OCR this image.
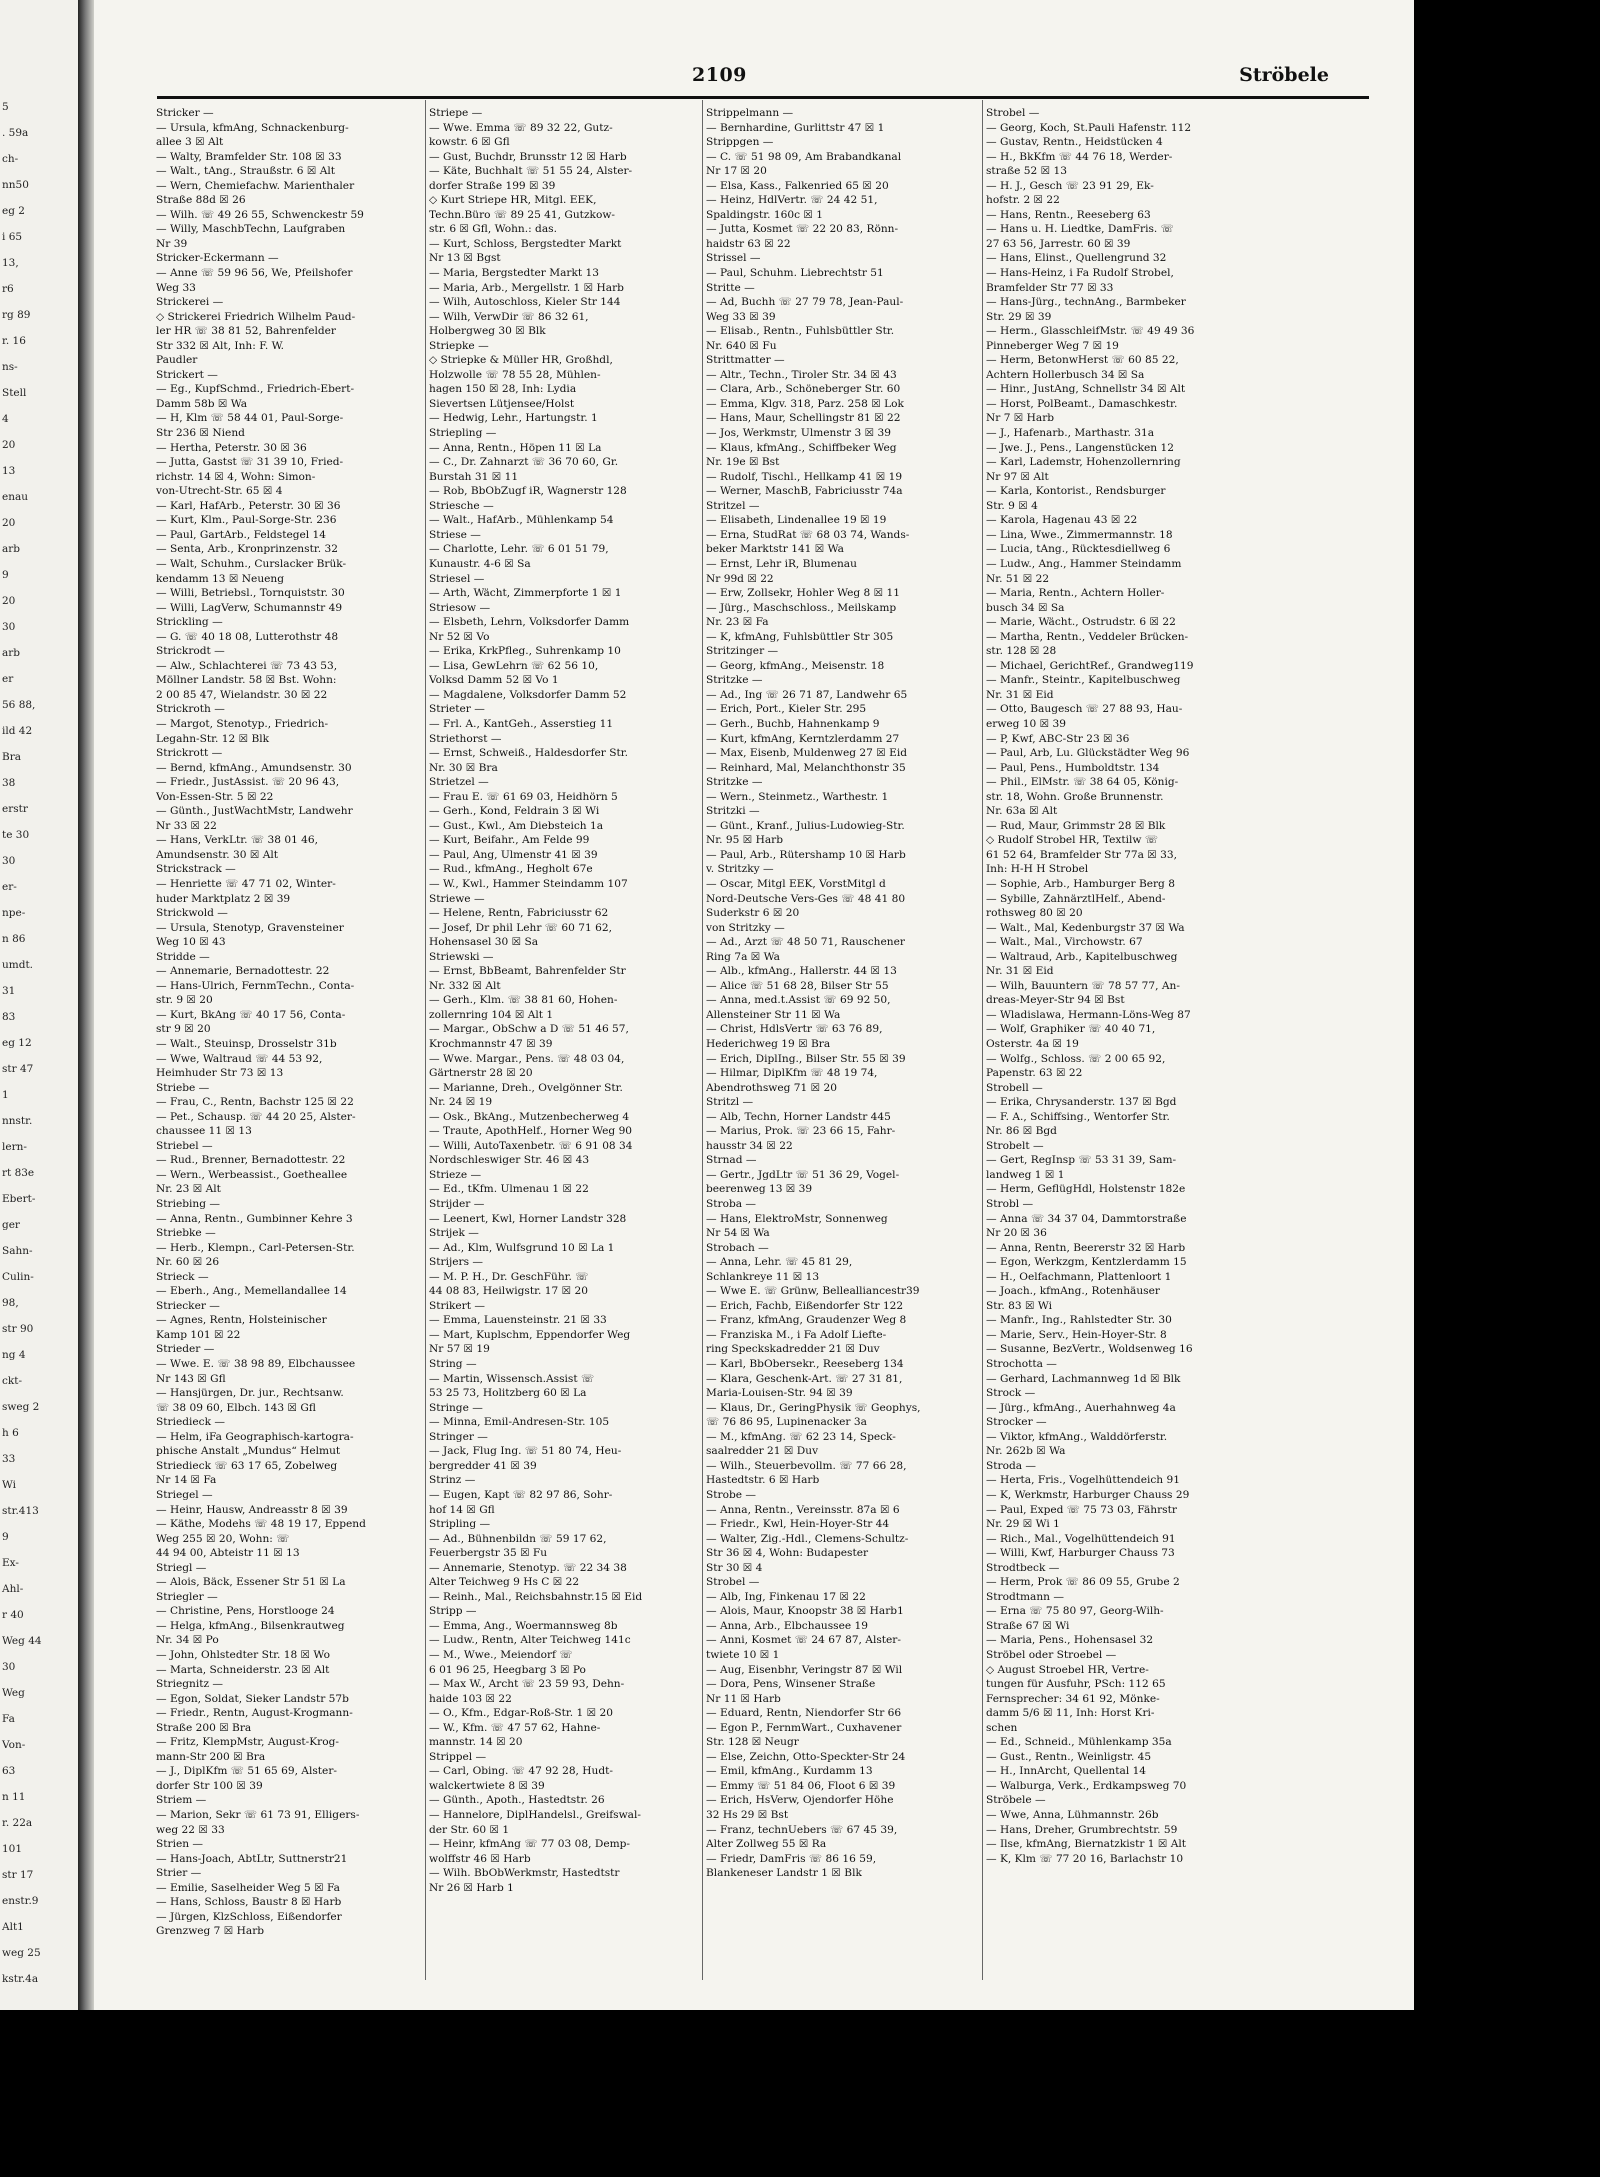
5
. 59a
ch-
nn50
eg 2
i 65
13,
r6
rg 89
r. 16
ns-
Stell
4
20
13
enau
20
arb
9
20
30
arb
er
56 88,
ild 42
Bra
38
erstr
te 30
30
er-
npe-
n 86
umdt.
31
83
eg 12
str 47
1
nnstr.
lern-
rt 83e
Ebert-
ger
Sahn-
Culin-
98,
str 90
ng 4
ckt-
sweg 2
h 6
33
Wi
str.413
9
Ex-
Ahl-
r 40
Weg 44
30
Weg
Fa
Von-
63
n 11
r. 22a
101
str 17
enstr.9
Alt1
weg 25
kstr.4a
2109	Ströbele

Stricker —

— Ursula, kfmAng, Schnackenburg-

allee 3 ☒ Alt

— Walty, Bramfelder Str. 108 ☒ 33

— Walt., tAng., Straußstr. 6 ☒ Alt

— Wern, Chemiefachw. Marienthaler

Straße 88d ☒ 26

— Wilh. ☏ 49 26 55, Schwenckestr 59

— Willy, MaschbTechn, Laufgraben

Nr 39

Stricker-Eckermann —

— Anne ☏ 59 96 56, We, Pfeilshofer

Weg 33

Strickerei —

◇ Strickerei Friedrich Wilhelm Paud-

ler HR ☏ 38 81 52, Bahrenfelder

Str 332 ☒ Alt, Inh: F. W.

Paudler

Strickert —

— Eg., KupfSchmd., Friedrich-Ebert-

Damm 58b ☒ Wa

— H, Klm ☏ 58 44 01, Paul-Sorge-

Str 236 ☒ Niend

— Hertha, Peterstr. 30 ☒ 36

— Jutta, Gastst ☏ 31 39 10, Fried-

richstr. 14 ☒ 4, Wohn: Simon-

von-Utrecht-Str. 65 ☒ 4

— Karl, HafArb., Peterstr. 30 ☒ 36

— Kurt, Klm., Paul-Sorge-Str. 236

— Paul, GartArb., Feldstegel 14

— Senta, Arb., Kronprinzenstr. 32

— Walt, Schuhm., Curslacker Brük-

kendamm 13 ☒ Neueng

— Willi, Betriebsl., Tornquiststr. 30

— Willi, LagVerw, Schumannstr 49

Strickling —

— G. ☏ 40 18 08, Lutterothstr 48

Strickrodt —

— Alw., Schlachterei ☏ 73 43 53,

Möllner Landstr. 58 ☒ Bst. Wohn:

2 00 85 47, Wielandstr. 30 ☒ 22

Strickroth —

— Margot, Stenotyp., Friedrich-

Legahn-Str. 12 ☒ Blk

Strickrott —

— Bernd, kfmAng., Amundsenstr. 30

— Friedr., JustAssist. ☏ 20 96 43,

Von-Essen-Str. 5 ☒ 22

— Günth., JustWachtMstr, Landwehr

Nr 33 ☒ 22

— Hans, VerkLtr. ☏ 38 01 46,

Amundsenstr. 30 ☒ Alt

Strickstrack —

— Henriette ☏ 47 71 02, Winter-

huder Marktplatz 2 ☒ 39

Strickwold —

— Ursula, Stenotyp, Gravensteiner

Weg 10 ☒ 43

Stridde —

— Annemarie, Bernadottestr. 22

— Hans-Ulrich, FernmTechn., Conta-

str. 9 ☒ 20

— Kurt, BkAng ☏ 40 17 56, Conta-

str 9 ☒ 20

— Walt., Steuinsp, Drosselstr 31b

— Wwe, Waltraud ☏ 44 53 92,

Heimhuder Str 73 ☒ 13

Striebe —

— Frau, C., Rentn, Bachstr 125 ☒ 22

— Pet., Schausp. ☏ 44 20 25, Alster-

chaussee 11 ☒ 13

Striebel —

— Rud., Brenner, Bernadottestr. 22

— Wern., Werbeassist., Goetheallee

Nr. 23 ☒ Alt

Striebing —

— Anna, Rentn., Gumbinner Kehre 3

Striebke —

— Herb., Klempn., Carl-Petersen-Str.

Nr. 60 ☒ 26

Strieck —

— Eberh., Ang., Memellandallee 14

Striecker —

— Agnes, Rentn, Holsteinischer

Kamp 101 ☒ 22

Strieder —

— Wwe. E. ☏ 38 98 89, Elbchaussee

Nr 143 ☒ Gfl

— Hansjürgen, Dr. jur., Rechtsanw.

☏ 38 09 60, Elbch. 143 ☒ Gfl

Striedieck —

— Helm, iFa Geographisch-kartogra-

phische Anstalt „Mundus“ Helmut

Striedieck ☏ 63 17 65, Zobelweg

Nr 14 ☒ Fa

Striegel —

— Heinr, Hausw, Andreasstr 8 ☒ 39

— Käthe, Modehs ☏ 48 19 17, Eppend

Weg 255 ☒ 20, Wohn: ☏

44 94 00, Abteistr 11 ☒ 13

Striegl —

— Alois, Bäck, Essener Str 51 ☒ La

Striegler —

— Christine, Pens, Horstlooge 24

— Helga, kfmAng., Bilsenkrautweg

Nr. 34 ☒ Po

— John, Ohlstedter Str. 18 ☒ Wo

— Marta, Schneiderstr. 23 ☒ Alt

Striegnitz —

— Egon, Soldat, Sieker Landstr 57b

— Friedr., Rentn, August-Krogmann-

Straße 200 ☒ Bra

— Fritz, KlempMstr, August-Krog-

mann-Str 200 ☒ Bra

— J., DiplKfm ☏ 51 65 69, Alster-

dorfer Str 100 ☒ 39

Striem —

— Marion, Sekr ☏ 61 73 91, Elligers-

weg 22 ☒ 33

Strien —

— Hans-Joach, AbtLtr, Suttnerstr21

Strier —

— Emilie, Saselheider Weg 5 ☒ Fa

— Hans, Schloss, Baustr 8 ☒ Harb

— Jürgen, KlzSchloss, Eißendorfer

Grenzweg 7 ☒ Harb

Striepe —

— Wwe. Emma ☏ 89 32 22, Gutz-

kowstr. 6 ☒ Gfl

— Gust, Buchdr, Brunsstr 12 ☒ Harb

— Käte, Buchhalt ☏ 51 55 24, Alster-

dorfer Straße 199 ☒ 39

◇ Kurt Striepe HR, Mitgl. EEK,

Techn.Büro ☏ 89 25 41, Gutzkow-

str. 6 ☒ Gfl, Wohn.: das.

— Kurt, Schloss, Bergstedter Markt

Nr 13 ☒ Bgst

— Maria, Bergstedter Markt 13

— Maria, Arb., Mergellstr. 1 ☒ Harb

— Wilh, Autoschloss, Kieler Str 144

— Wilh, VerwDir ☏ 86 32 61,

Holbergweg 30 ☒ Blk

Striepke —

◇ Striepke & Müller HR, Großhdl,

Holzwolle ☏ 78 55 28, Mühlen-

hagen 150 ☒ 28, Inh: Lydia

Sievertsen Lütjensee/Holst

— Hedwig, Lehr., Hartungstr. 1

Striepling —

— Anna, Rentn., Höpen 11 ☒ La

— C., Dr. Zahnarzt ☏ 36 70 60, Gr.

Burstah 31 ☒ 11

— Rob, BbObZugf iR, Wagnerstr 128

Striesche —

— Walt., HafArb., Mühlenkamp 54

Striese —

— Charlotte, Lehr. ☏ 6 01 51 79,

Kunaustr. 4-6 ☒ Sa

Striesel —

— Arth, Wächt, Zimmerpforte 1 ☒ 1

Striesow —

— Elsbeth, Lehrn, Volksdorfer Damm

Nr 52 ☒ Vo

— Erika, KrkPfleg., Suhrenkamp 10

— Lisa, GewLehrn ☏ 62 56 10,

Volksd Damm 52 ☒ Vo 1

— Magdalene, Volksdorfer Damm 52

Strieter —

— Frl. A., KantGeh., Asserstieg 11

Striethorst —

— Ernst, Schweiß., Haldesdorfer Str.

Nr. 30 ☒ Bra

Strietzel —

— Frau E. ☏ 61 69 03, Heidhörn 5

— Gerh., Kond, Feldrain 3 ☒ Wi

— Gust., Kwl., Am Diebsteich 1a

— Kurt, Beifahr., Am Felde 99

— Paul, Ang, Ulmenstr 41 ☒ 39

— Rud., kfmAng., Hegholt 67e

— W., Kwl., Hammer Steindamm 107

Striewe —

— Helene, Rentn, Fabriciusstr 62

— Josef, Dr phil Lehr ☏ 60 71 62,

Hohensasel 30 ☒ Sa

Striewski —

— Ernst, BbBeamt, Bahrenfelder Str

Nr. 332 ☒ Alt

— Gerh., Klm. ☏ 38 81 60, Hohen-

zollernring 104 ☒ Alt 1

— Margar., ObSchw a D ☏ 51 46 57,

Krochmannstr 47 ☒ 39

— Wwe. Margar., Pens. ☏ 48 03 04,

Gärtnerstr 28 ☒ 20

— Marianne, Dreh., Ovelgönner Str.

Nr. 24 ☒ 19

— Osk., BkAng., Mutzenbecherweg 4

— Traute, ApothHelf., Horner Weg 90

— Willi, AutoTaxenbetr. ☏ 6 91 08 34

Nordschleswiger Str. 46 ☒ 43

Strieze —

— Ed., tKfm. Ulmenau 1 ☒ 22

Strijder —

— Leenert, Kwl, Horner Landstr 328

Strijek —

— Ad., Klm, Wulfsgrund 10 ☒ La 1

Strijers —

— M. P. H., Dr. GeschFühr. ☏

44 08 83, Heilwigstr. 17 ☒ 20

Strikert —

— Emma, Lauensteinstr. 21 ☒ 33

— Mart, Kuplschm, Eppendorfer Weg

Nr 57 ☒ 19

String —

— Martin, Wissensch.Assist ☏

53 25 73, Holitzberg 60 ☒ La

Stringe —

— Minna, Emil-Andresen-Str. 105

Stringer —

— Jack, Flug Ing. ☏ 51 80 74, Heu-

bergredder 41 ☒ 39

Strinz —

— Eugen, Kapt ☏ 82 97 86, Sohr-

hof 14 ☒ Gfl

Stripling —

— Ad., Bühnenbildn ☏ 59 17 62,

Feuerbergstr 35 ☒ Fu

— Annemarie, Stenotyp. ☏ 22 34 38

Alter Teichweg 9 Hs C ☒ 22

— Reinh., Mal., Reichsbahnstr.15 ☒ Eid

Stripp —

— Emma, Ang., Woermannsweg 8b

— Ludw., Rentn, Alter Teichweg 141c

— M., Wwe., Meiendorf ☏

6 01 96 25, Heegbarg 3 ☒ Po

— Max W., Archt ☏ 23 59 93, Dehn-

haide 103 ☒ 22

— O., Kfm., Edgar-Roß-Str. 1 ☒ 20

— W., Kfm. ☏ 47 57 62, Hahne-

mannstr. 14 ☒ 20

Strippel —

— Carl, Obing. ☏ 47 92 28, Hudt-

walckertwiete 8 ☒ 39

— Günth., Apoth., Hastedtstr. 26

— Hannelore, DiplHandelsl., Greifswal-

der Str. 60 ☒ 1

— Heinr, kfmAng ☏ 77 03 08, Demp-

wolffstr 46 ☒ Harb

— Wilh. BbObWerkmstr, Hastedtstr

Nr 26 ☒ Harb 1

Strippelmann —

— Bernhardine, Gurlittstr 47 ☒ 1

Strippgen —

— C. ☏ 51 98 09, Am Brabandkanal

Nr 17 ☒ 20

— Elsa, Kass., Falkenried 65 ☒ 20

— Heinz, HdlVertr. ☏ 24 42 51,

Spaldingstr. 160c ☒ 1

— Jutta, Kosmet ☏ 22 20 83, Rönn-

haidstr 63 ☒ 22

Strissel —

— Paul, Schuhm. Liebrechtstr 51

Stritte —

— Ad, Buchh ☏ 27 79 78, Jean-Paul-

Weg 33 ☒ 39

— Elisab., Rentn., Fuhlsbüttler Str.

Nr. 640 ☒ Fu

Strittmatter —

— Altr., Techn., Tiroler Str. 34 ☒ 43

— Clara, Arb., Schöneberger Str. 60

— Emma, Klgv. 318, Parz. 258 ☒ Lok

— Hans, Maur, Schellingstr 81 ☒ 22

— Jos, Werkmstr, Ulmenstr 3 ☒ 39

— Klaus, kfmAng., Schiffbeker Weg

Nr. 19e ☒ Bst

— Rudolf, Tischl., Hellkamp 41 ☒ 19

— Werner, MaschB, Fabriciusstr 74a

Stritzel —

— Elisabeth, Lindenallee 19 ☒ 19

— Erna, StudRat ☏ 68 03 74, Wands-

beker Marktstr 141 ☒ Wa

— Ernst, Lehr iR, Blumenau

Nr 99d ☒ 22

— Erw, Zollsekr, Hohler Weg 8 ☒ 11

— Jürg., Maschschloss., Meilskamp

Nr. 23 ☒ Fa

— K, kfmAng, Fuhlsbüttler Str 305

Stritzinger —

— Georg, kfmAng., Meisenstr. 18

Stritzke —

— Ad., Ing ☏ 26 71 87, Landwehr 65

— Erich, Port., Kieler Str. 295

— Gerh., Buchb, Hahnenkamp 9

— Kurt, kfmAng, Kerntzlerdamm 27

— Max, Eisenb, Muldenweg 27 ☒ Eid

— Reinhard, Mal, Melanchthonstr 35

Stritzke —

— Wern., Steinmetz., Warthestr. 1

Stritzki —

— Günt., Kranf., Julius-Ludowieg-Str.

Nr. 95 ☒ Harb

— Paul, Arb., Rütershamp 10 ☒ Harb

v. Stritzky —

— Oscar, Mitgl EEK, VorstMitgl d

Nord-Deutsche Vers-Ges ☏ 48 41 80

Suderkstr 6 ☒ 20

von Stritzky —

— Ad., Arzt ☏ 48 50 71, Rauschener

Ring 7a ☒ Wa

— Alb., kfmAng., Hallerstr. 44 ☒ 13

— Alice ☏ 51 68 28, Bilser Str 55

— Anna, med.t.Assist ☏ 69 92 50,

Allensteiner Str 11 ☒ Wa

— Christ, HdlsVertr ☏ 63 76 89,

Hederichweg 19 ☒ Bra

— Erich, DiplIng., Bilser Str. 55 ☒ 39

— Hilmar, DiplKfm ☏ 48 19 74,

Abendrothsweg 71 ☒ 20

Stritzl —

— Alb, Techn, Horner Landstr 445

— Marius, Prok. ☏ 23 66 15, Fahr-

hausstr 34 ☒ 22

Strnad —

— Gertr., JgdLtr ☏ 51 36 29, Vogel-

beerenweg 13 ☒ 39

Stroba —

— Hans, ElektroMstr, Sonnenweg

Nr 54 ☒ Wa

Strobach —

— Anna, Lehr. ☏ 45 81 29,

Schlankreye 11 ☒ 13

— Wwe E. ☏ Grünw, Bellealliancestr39

— Erich, Fachb, Eißendorfer Str 122

— Franz, kfmAng, Graudenzer Weg 8

— Franziska M., i Fa Adolf Liefte-

ring Speckskadredder 21 ☒ Duv

— Karl, BbObersekr., Reeseberg 134

— Klara, Geschenk-Art. ☏ 27 31 81,

Maria-Louisen-Str. 94 ☒ 39

— Klaus, Dr., GeringPhysik ☏ Geophys,

☏ 76 86 95, Lupinenacker 3a

— M., kfmAng. ☏ 62 23 14, Speck-

saalredder 21 ☒ Duv

— Wilh., Steuerbevollm. ☏ 77 66 28,

Hastedtstr. 6 ☒ Harb

Strobe —

— Anna, Rentn., Vereinsstr. 87a ☒ 6

— Friedr., Kwl, Hein-Hoyer-Str 44

— Walter, Zig.-Hdl., Clemens-Schultz-

Str 36 ☒ 4, Wohn: Budapester

Str 30 ☒ 4

Strobel —

— Alb, Ing, Finkenau 17 ☒ 22

— Alois, Maur, Knoopstr 38 ☒ Harb1

— Anna, Arb., Elbchaussee 19

— Anni, Kosmet ☏ 24 67 87, Alster-

twiete 10 ☒ 1

— Aug, Eisenbhr, Veringstr 87 ☒ Wil

— Dora, Pens, Winsener Straße

Nr 11 ☒ Harb

— Eduard, Rentn, Niendorfer Str 66

— Egon P., FernmWart., Cuxhavener

Str. 128 ☒ Neugr

— Else, Zeichn, Otto-Speckter-Str 24

— Emil, kfmAng., Kurdamm 13

— Emmy ☏ 51 84 06, Floot 6 ☒ 39

— Erich, HsVerw, Ojendorfer Höhe

32 Hs 29 ☒ Bst

— Franz, technUebers ☏ 67 45 39,

Alter Zollweg 55 ☒ Ra

— Friedr, DamFris ☏ 86 16 59,

Blankeneser Landstr 1 ☒ Blk

Strobel —

— Georg, Koch, St.Pauli Hafenstr. 112

— Gustav, Rentn., Heidstücken 4

— H., BkKfm ☏ 44 76 18, Werder-

straße 52 ☒ 13

— H. J., Gesch ☏ 23 91 29, Ek-

hofstr. 2 ☒ 22

— Hans, Rentn., Reeseberg 63

— Hans u. H. Liedtke, DamFris. ☏

27 63 56, Jarrestr. 60 ☒ 39

— Hans, Elinst., Quellengrund 32

— Hans-Heinz, i Fa Rudolf Strobel,

Bramfelder Str 77 ☒ 33

— Hans-Jürg., technAng., Barmbeker

Str. 29 ☒ 39

— Herm., GlasschleifMstr. ☏ 49 49 36

Pinneberger Weg 7 ☒ 19

— Herm, BetonwHerst ☏ 60 85 22,

Achtern Hollerbusch 34 ☒ Sa

— Hinr., JustAng, Schnellstr 34 ☒ Alt

— Horst, PolBeamt., Damaschkestr.

Nr 7 ☒ Harb

— J., Hafenarb., Marthastr. 31a

— Jwe. J., Pens., Langenstücken 12

— Karl, Lademstr, Hohenzollernring

Nr 97 ☒ Alt

— Karla, Kontorist., Rendsburger

Str. 9 ☒ 4

— Karola, Hagenau 43 ☒ 22

— Lina, Wwe., Zimmermannstr. 18

— Lucia, tAng., Rücktesdiellweg 6

— Ludw., Ang., Hammer Steindamm

Nr. 51 ☒ 22

— Maria, Rentn., Achtern Holler-

busch 34 ☒ Sa

— Marie, Wächt., Ostrudstr. 6 ☒ 22

— Martha, Rentn., Veddeler Brücken-

str. 128 ☒ 28

— Michael, GerichtRef., Grandweg119

— Manfr., Steintr., Kapitelbuschweg

Nr. 31 ☒ Eid

— Otto, Baugesch ☏ 27 88 93, Hau-

erweg 10 ☒ 39

— P, Kwf, ABC-Str 23 ☒ 36

— Paul, Arb, Lu. Glückstädter Weg 96

— Paul, Pens., Humboldtstr. 134

— Phil., ElMstr. ☏ 38 64 05, König-

str. 18, Wohn. Große Brunnenstr.

Nr. 63a ☒ Alt

— Rud, Maur, Grimmstr 28 ☒ Blk

◇ Rudolf Strobel HR, Textilw ☏

61 52 64, Bramfelder Str 77a ☒ 33,

Inh: H-H H Strobel

— Sophie, Arb., Hamburger Berg 8

— Sybille, ZahnärztlHelf., Abend-

rothsweg 80 ☒ 20

— Walt., Mal, Kedenburgstr 37 ☒ Wa

— Walt., Mal., Virchowstr. 67

— Waltraud, Arb., Kapitelbuschweg

Nr. 31 ☒ Eid

— Wilh, Bauuntern ☏ 78 57 77, An-

dreas-Meyer-Str 94 ☒ Bst

— Wladislawa, Hermann-Löns-Weg 87

— Wolf, Graphiker ☏ 40 40 71,

Osterstr. 4a ☒ 19

— Wolfg., Schloss. ☏ 2 00 65 92,

Papenstr. 63 ☒ 22

Strobell —

— Erika, Chrysanderstr. 137 ☒ Bgd

— F. A., Schiffsing., Wentorfer Str.

Nr. 86 ☒ Bgd

Strobelt —

— Gert, RegInsp ☏ 53 31 39, Sam-

landweg 1 ☒ 1

— Herm, GeflügHdl, Holstenstr 182e

Strobl —

— Anna ☏ 34 37 04, Dammtorstraße

Nr 20 ☒ 36

— Anna, Rentn, Beererstr 32 ☒ Harb

— Egon, Werkzgm, Kentzlerdamm 15

— H., Oelfachmann, Plattenloort 1

— Joach., kfmAng., Rotenhäuser

Str. 83 ☒ Wi

— Manfr., Ing., Rahlstedter Str. 30

— Marie, Serv., Hein-Hoyer-Str. 8

— Susanne, BezVertr., Woldsenweg 16

Strochotta —

— Gerhard, Lachmannweg 1d ☒ Blk

Strock —

— Jürg., kfmAng., Auerhahnweg 4a

Strocker —

— Viktor, kfmAng., Walddörferstr.

Nr. 262b ☒ Wa

Stroda —

— Herta, Fris., Vogelhüttendeich 91

— K, Werkmstr, Harburger Chauss 29

— Paul, Exped ☏ 75 73 03, Fährstr

Nr. 29 ☒ Wi 1

— Rich., Mal., Vogelhüttendeich 91

— Willi, Kwf, Harburger Chauss 73

Strodtbeck —

— Herm, Prok ☏ 86 09 55, Grube 2

Strodtmann —

— Erna ☏ 75 80 97, Georg-Wilh-

Straße 67 ☒ Wi

— Maria, Pens., Hohensasel 32

Ströbel oder Stroebel —

◇ August Stroebel HR, Vertre-

tungen für Ausfuhr, PSch: 112 65

Fernsprecher: 34 61 92, Mönke-

damm 5/6 ☒ 11, Inh: Horst Kri-

schen

— Ed., Schneid., Mühlenkamp 35a

— Gust., Rentn., Weinligstr. 45

— H., InnArcht, Quellental 14

— Walburga, Verk., Erdkampsweg 70

Ströbele —

— Wwe, Anna, Lühmannstr. 26b

— Hans, Dreher, Grumbrechtstr. 59

— Ilse, kfmAng, Biernatzkistr 1 ☒ Alt

— K, Klm ☏ 77 20 16, Barlachstr 10
